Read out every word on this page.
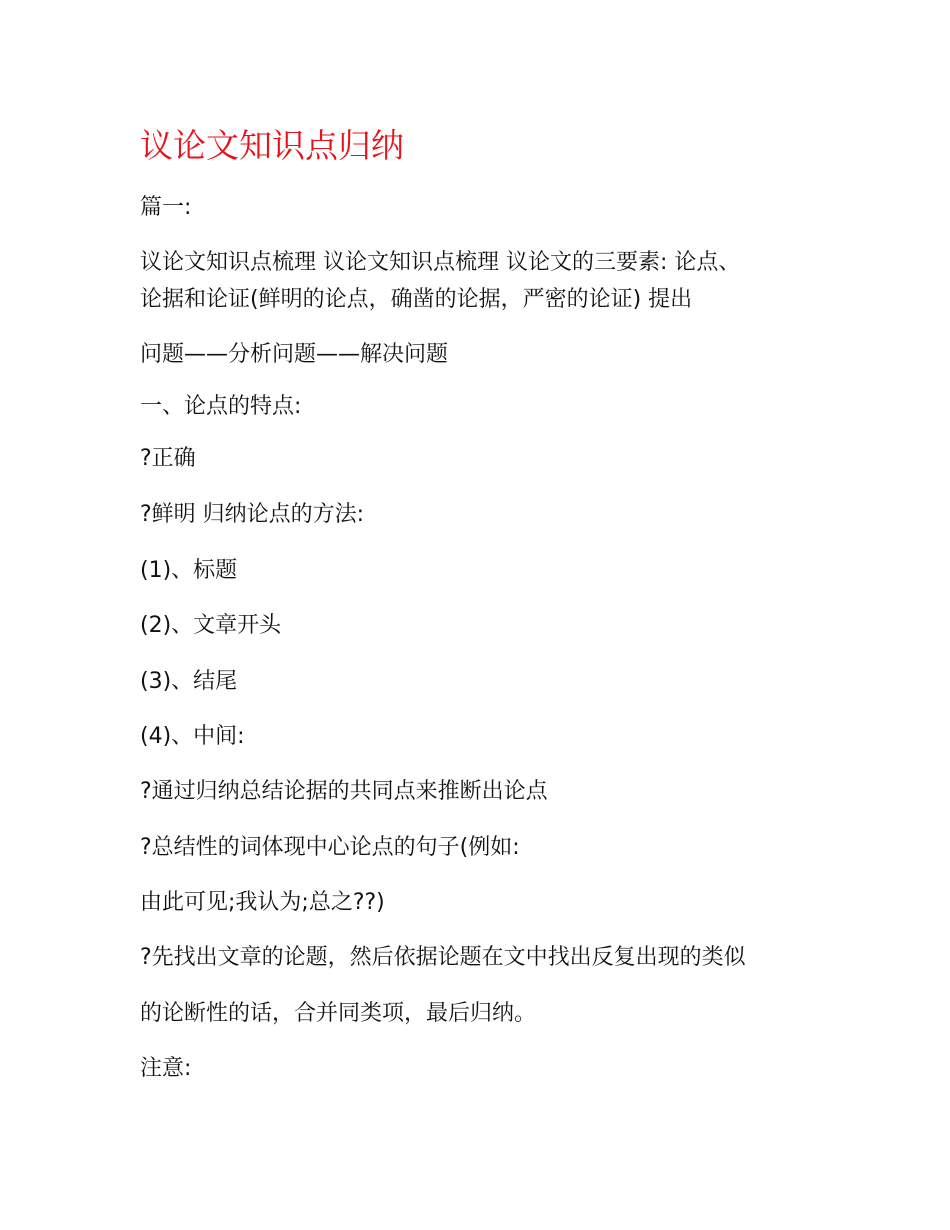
议论文知识点归纳
篇一:
议论文知识点梳理 议论文知识点梳理 议论文的三要素: 论点、
论据和论证(鲜明的论点，确凿的论据，严密的论证) 提出
问题——分析问题——解决问题
一、论点的特点:
?正确
?鲜明 归纳论点的方法:
(1)、标题
(2)、文章开头
(3)、结尾
(4)、中间:
?通过归纳总结论据的共同点来推断出论点
?总结性的词体现中心论点的句子(例如:
由此可见;我认为;总之??)
?先找出文章的论题，然后依据论题在文中找出反复出现的类似
的论断性的话，合并同类项，最后归纳。
注意:
